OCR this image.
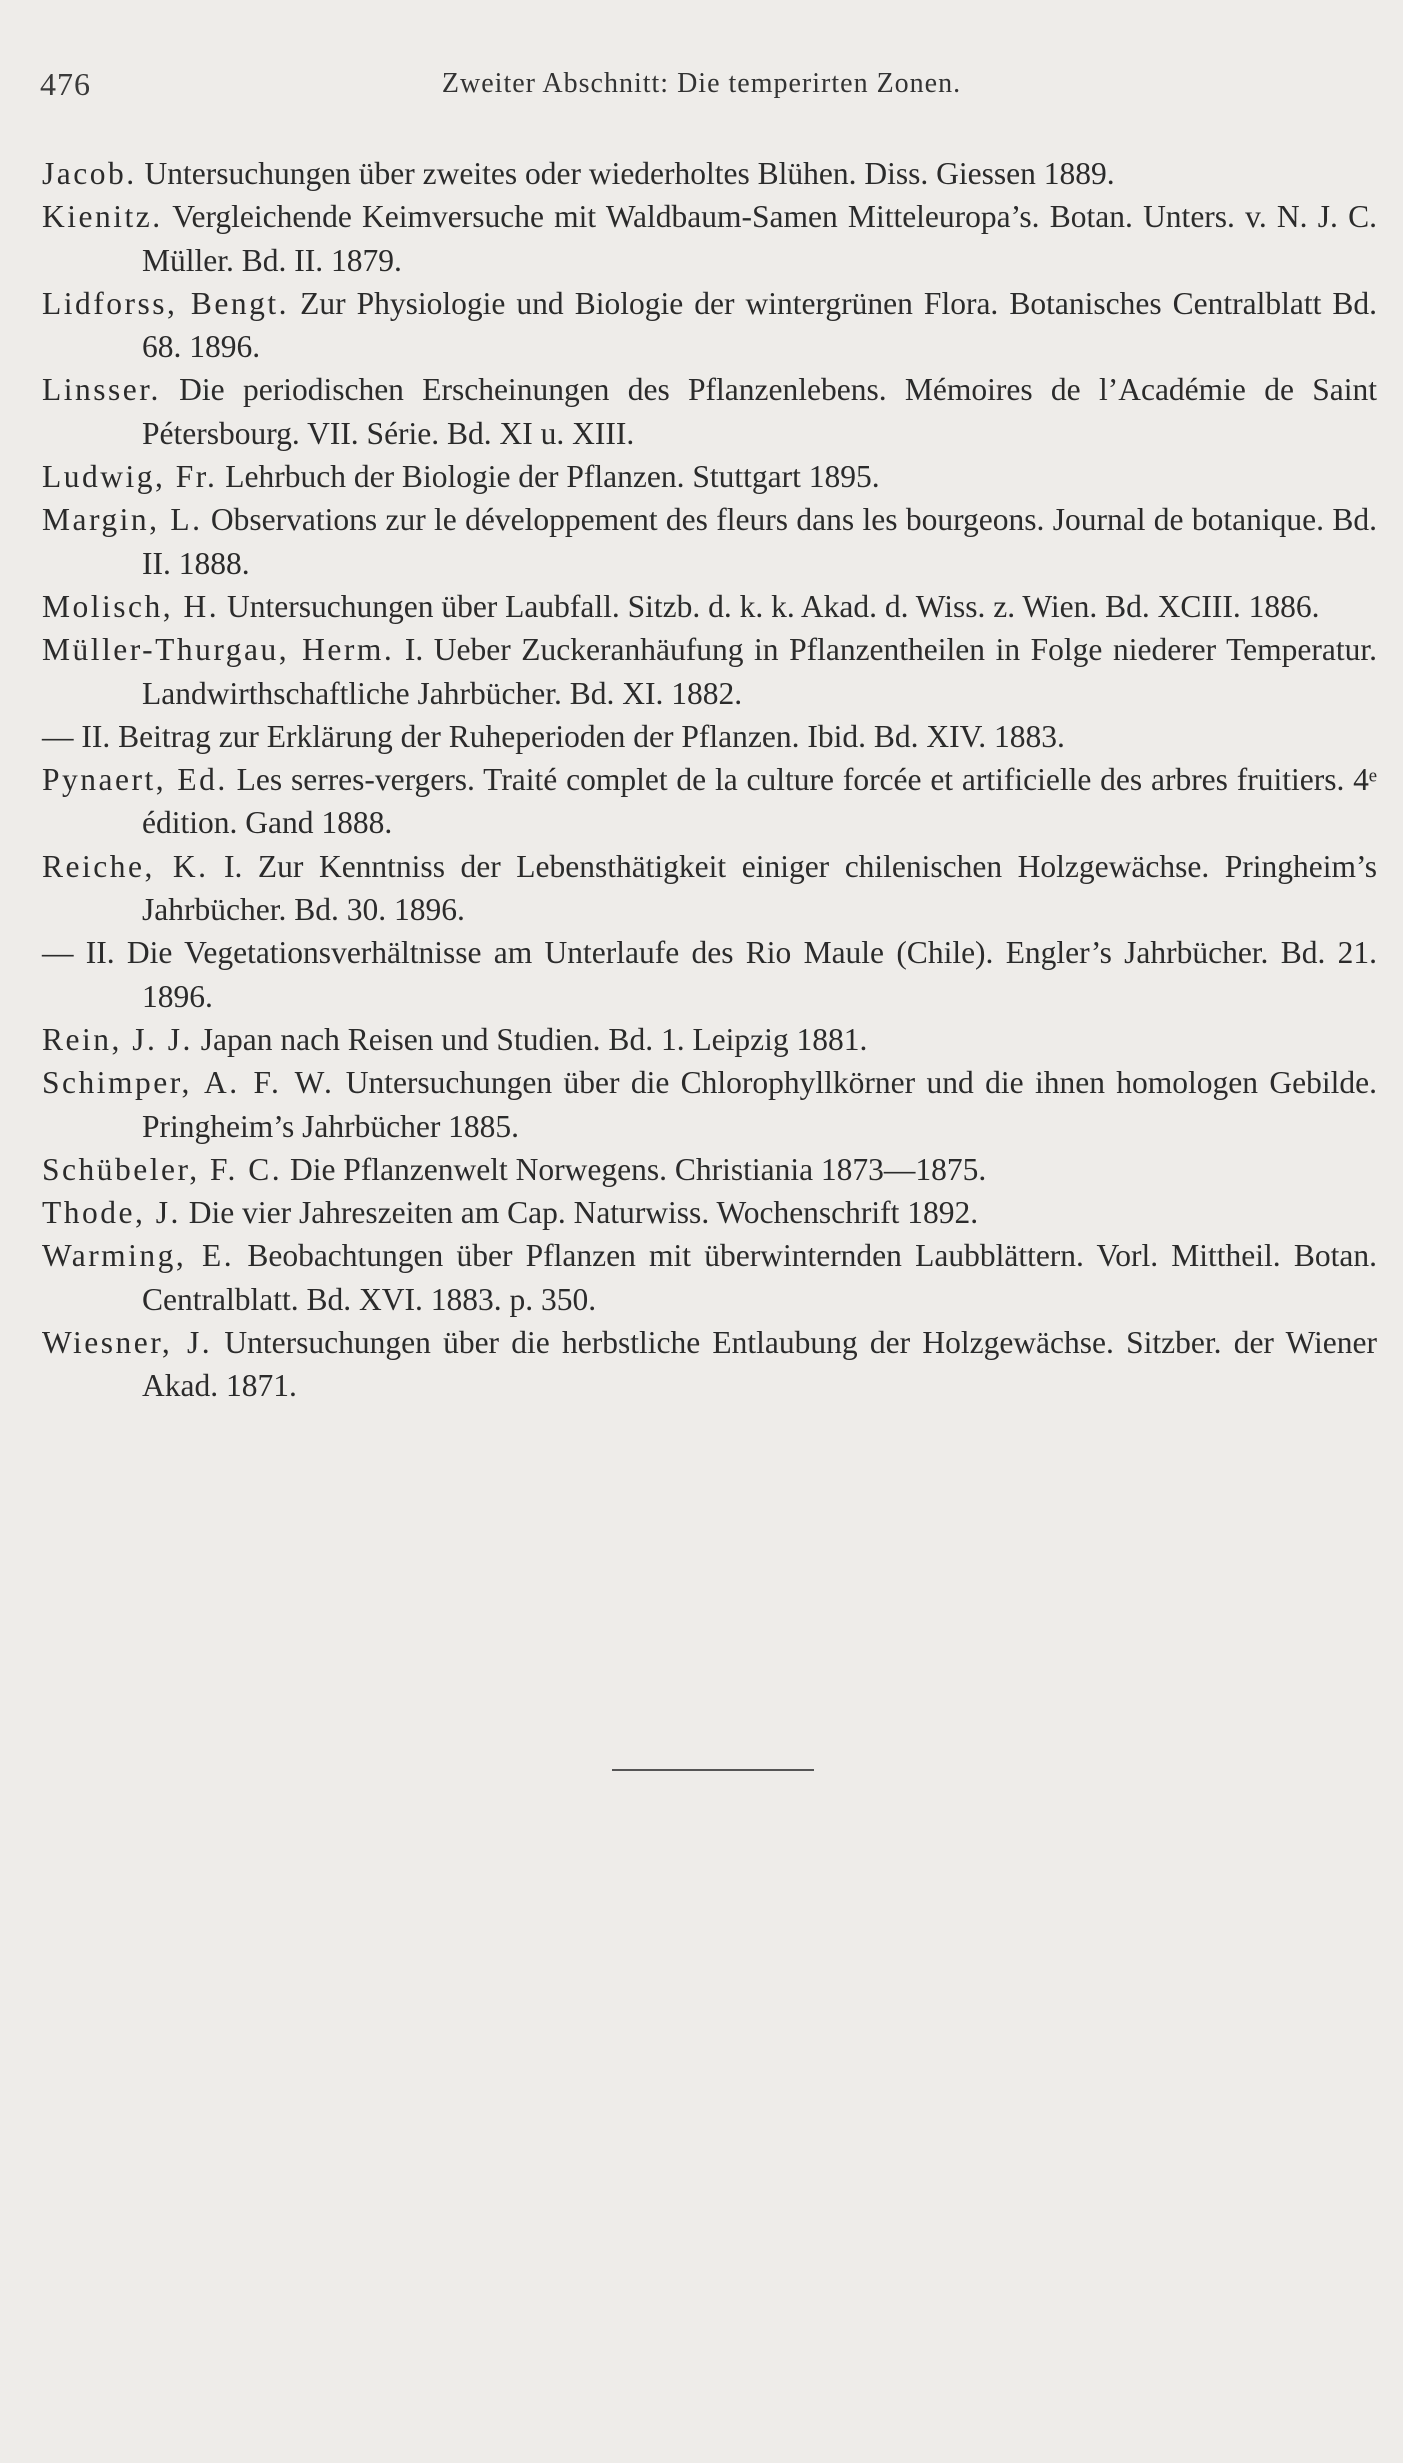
476	Zweiter Abschnitt: Die temperirten Zonen.

Jacob. Untersuchungen über zweites oder wiederholtes Blühen. Diss. Giessen 1889.

Kienitz. Vergleichende Keimversuche mit Waldbaum-Samen Mitteleuropa’s. Botan. Unters. v. N. J. C. Müller. Bd. II. 1879.

Lidforss, Bengt. Zur Physiologie und Biologie der wintergrünen Flora. Botanisches Centralblatt Bd. 68. 1896.

Linsser. Die periodischen Erscheinungen des Pflanzenlebens. Mémoires de l’Académie de Saint Pétersbourg. VII. Série. Bd. XI u. XIII.

Ludwig, Fr. Lehrbuch der Biologie der Pflanzen. Stuttgart 1895.

Margin, L. Observations zur le développement des fleurs dans les bourgeons. Journal de botanique. Bd. II. 1888.

Molisch, H. Untersuchungen über Laubfall. Sitzb. d. k. k. Akad. d. Wiss. z. Wien. Bd. XCIII. 1886.

Müller-Thurgau, Herm. I. Ueber Zuckeranhäufung in Pflanzentheilen in Folge niederer Temperatur. Landwirthschaftliche Jahrbücher. Bd. XI. 1882.

— II. Beitrag zur Erklärung der Ruheperioden der Pflanzen. Ibid. Bd. XIV. 1883.

Pynaert, Ed. Les serres-vergers. Traité complet de la culture forcée et artificielle des arbres fruitiers. 4ᵉ édition. Gand 1888.

Reiche, K. I. Zur Kenntniss der Lebensthätigkeit einiger chilenischen Holzgewächse. Pringheim’s Jahrbücher. Bd. 30. 1896.

— II. Die Vegetationsverhältnisse am Unterlaufe des Rio Maule (Chile). Engler’s Jahrbücher. Bd. 21. 1896.

Rein, J. J. Japan nach Reisen und Studien. Bd. 1. Leipzig 1881.

Schimper, A. F. W. Untersuchungen über die Chlorophyllkörner und die ihnen homologen Gebilde. Pringheim’s Jahrbücher 1885.

Schübeler, F. C. Die Pflanzenwelt Norwegens. Christiania 1873—1875.

Thode, J. Die vier Jahreszeiten am Cap. Naturwiss. Wochenschrift 1892.

Warming, E. Beobachtungen über Pflanzen mit überwinternden Laubblättern. Vorl. Mittheil. Botan. Centralblatt. Bd. XVI. 1883. p. 350.

Wiesner, J. Untersuchungen über die herbstliche Entlaubung der Holzgewächse. Sitzber. der Wiener Akad. 1871.
